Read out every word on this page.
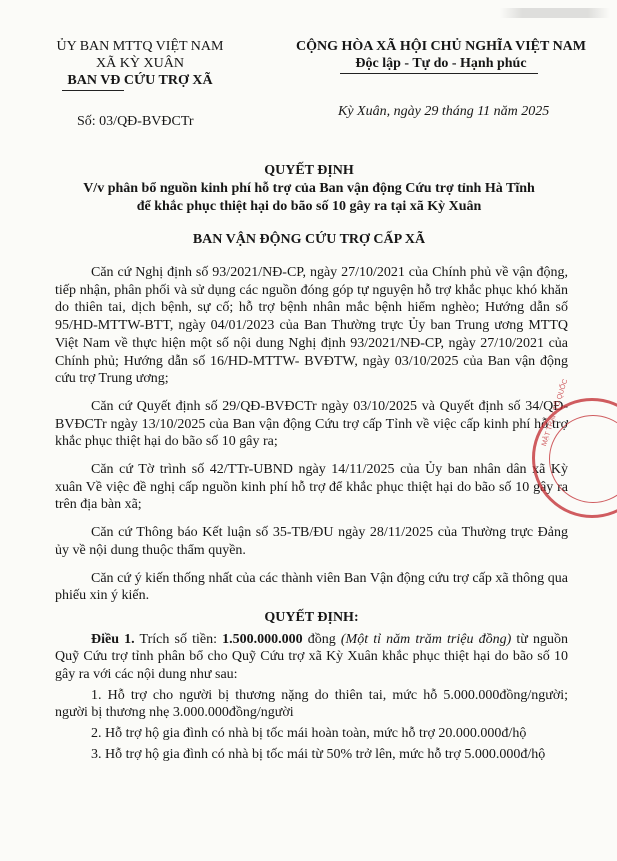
ỦY BAN MTTQ VIỆT NAM
XÃ KỲ XUÂN
BAN VĐ CỨU TRỢ XÃ
CỘNG HÒA XÃ HỘI CHỦ NGHĨA VIỆT NAM
Độc lập - Tự do - Hạnh phúc
Số: 03/QĐ-BVĐCTr
Kỳ Xuân, ngày 29 tháng 11 năm 2025
QUYẾT ĐỊNH
V/v phân bổ nguồn kinh phí hỗ trợ của Ban vận động Cứu trợ tỉnh Hà Tĩnh
để khắc phục thiệt hại do bão số 10 gây ra tại xã Kỳ Xuân
BAN VẬN ĐỘNG CỨU TRỢ CẤP XÃ

Căn cứ Nghị định số 93/2021/NĐ-CP, ngày 27/10/2021 của Chính phủ về vận động, tiếp nhận, phân phối và sử dụng các nguồn đóng góp tự nguyện hỗ trợ khắc phục khó khăn do thiên tai, dịch bệnh, sự cố; hỗ trợ bệnh nhân mắc bệnh hiểm nghèo; Hướng dẫn số 95/HD-MTTW-BTT, ngày 04/01/2023 của Ban Thường trực Ủy ban Trung ương MTTQ Việt Nam về thực hiện một số nội dung Nghị định 93/2021/NĐ-CP, ngày 27/10/2021 của Chính phủ; Hướng dẫn số 16/HD-MTTW- BVĐTW, ngày 03/10/2025 của Ban vận động cứu trợ Trung ương;

Căn cứ Quyết định số 29/QĐ-BVĐCTr ngày 03/10/2025 và Quyết định số 34/QĐ-BVĐCTr ngày 13/10/2025 của Ban vận động Cứu trợ cấp Tỉnh về việc cấp kinh phí hỗ trợ khắc phục thiệt hại do bão số 10 gây ra;

Căn cứ Tờ trình số 42/TTr-UBND ngày 14/11/2025 của Ủy ban nhân dân xã Kỳ xuân Về việc đề nghị cấp nguồn kinh phí hỗ trợ để khắc phục thiệt hại do bão số 10 gây ra trên địa bàn xã;

Căn cứ Thông báo Kết luận số 35-TB/ĐU ngày 28/11/2025 của Thường trực Đảng ủy về nội dung thuộc thẩm quyền.

Căn cứ ý kiến thống nhất của các thành viên Ban Vận động cứu trợ cấp xã thông qua phiếu xin ý kiến.

QUYẾT ĐỊNH:

Điều 1. Trích số tiền: 1.500.000.000 đồng (Một tỉ năm trăm triệu đồng) từ nguồn Quỹ Cứu trợ tỉnh phân bổ cho Quỹ Cứu trợ xã Kỳ Xuân khắc phục thiệt hại do bão số 10 gây ra với các nội dung như sau:

1. Hỗ trợ cho người bị thương nặng do thiên tai, mức hỗ 5.000.000đồng/người; người bị thương nhẹ 3.000.000đồng/người

2. Hỗ trợ hộ gia đình có nhà bị tốc mái hoàn toàn, mức hỗ trợ 20.000.000đ/hộ

3. Hỗ trợ hộ gia đình có nhà bị tốc mái từ 50% trở lên, mức hỗ trợ 5.000.000đ/hộ

MẶT TRẬN TỔ QUỐC
